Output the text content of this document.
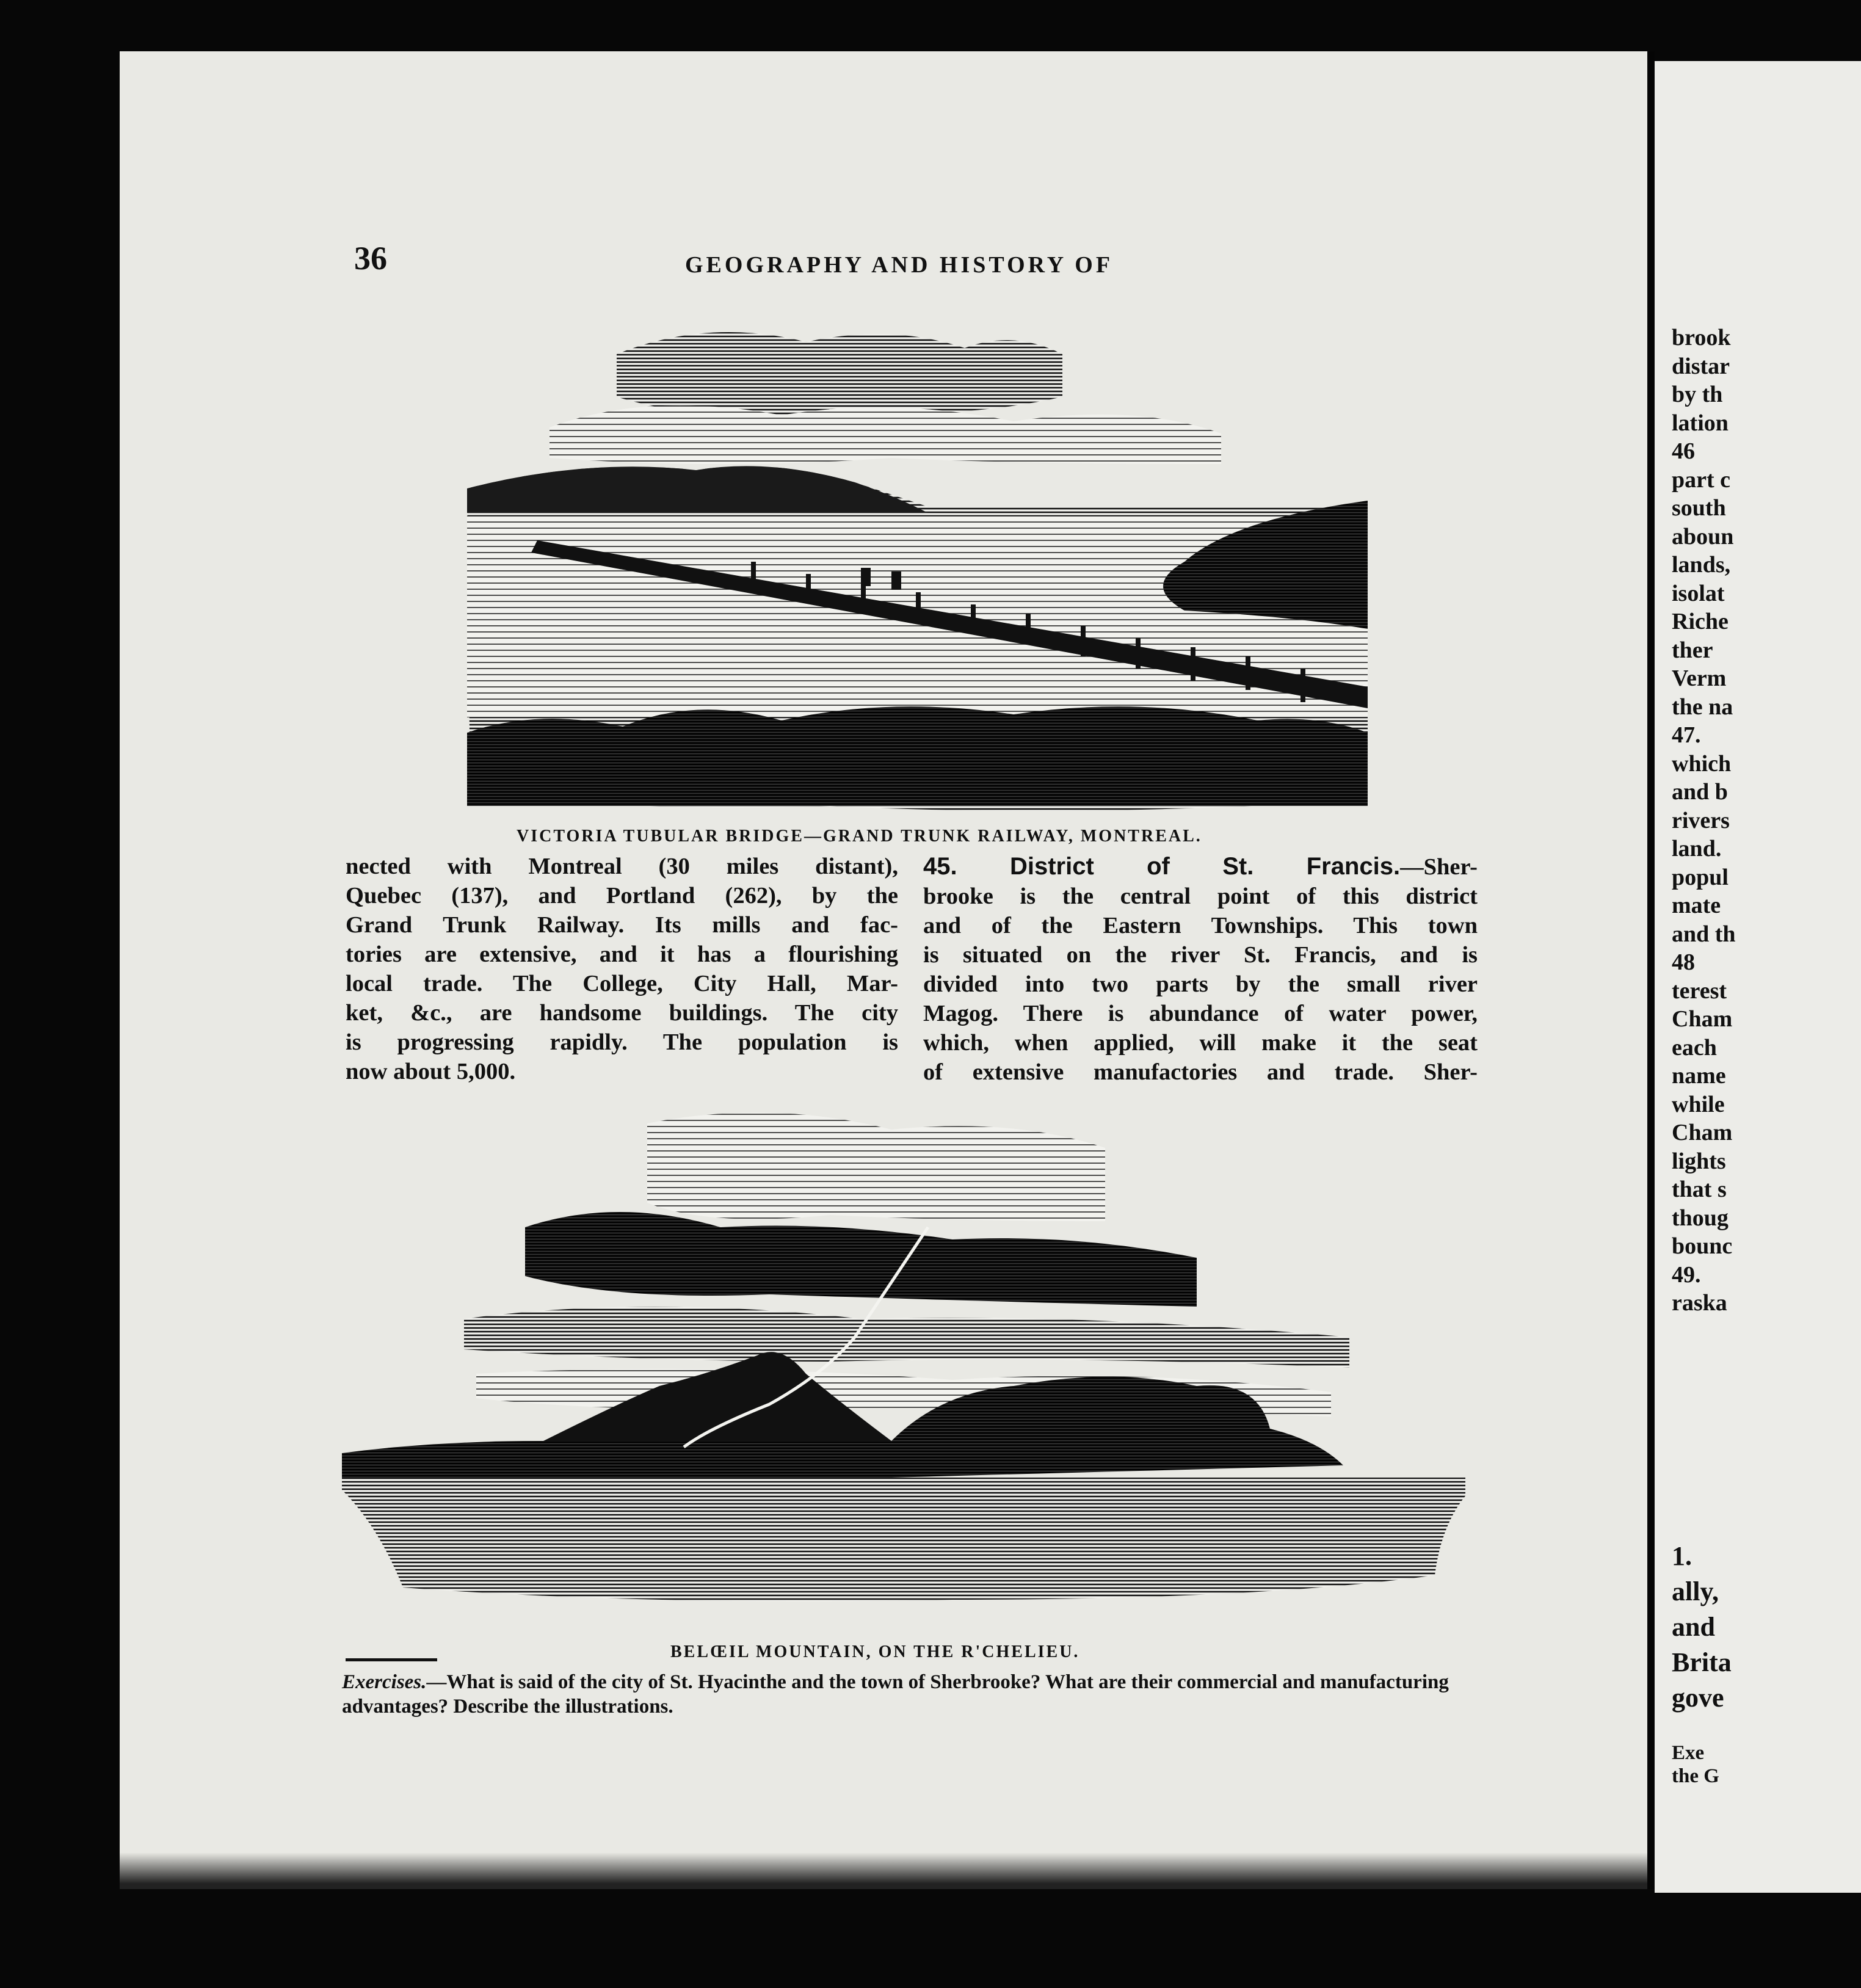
brook
distar
by th
lation
46
part c
south
aboun
lands,
isolat
Riche
ther
Verm
the na
47.
which
and b
rivers
land.
popul
mate
and th
48
terest
Cham
each
name
while
Cham
lights
that s
thoug
bounc
49.
raska
1.
ally,
and
Brita
gove
Exe
the G
36	GEOGRAPHY AND HISTORY OF
VICTORIA TUBULAR BRIDGE—GRAND TRUNK RAILWAY, MONTREAL.
nected with Montreal (30 miles distant),
Quebec (137), and Portland (262), by the
Grand Trunk Railway. Its mills and fac-
tories are extensive, and it has a flourishing
local trade. The College, City Hall, Mar-
ket, &c., are handsome buildings. The city
is progressing rapidly. The population is
now about 5,000.
45. District of St. Francis.—Sher-
brooke is the central point of this district
and of the Eastern Townships. This town
is situated on the river St. Francis, and is
divided into two parts by the small river
Magog. There is abundance of water power,
which, when applied, will make it the seat
of extensive manufactories and trade. Sher-
BELŒIL MOUNTAIN, ON THE R'CHELIEU.
Exercises.—What is said of the city of St. Hyacinthe and the town of Sherbrooke? What are their commercial and manufacturing advantages? Describe the illustrations.
